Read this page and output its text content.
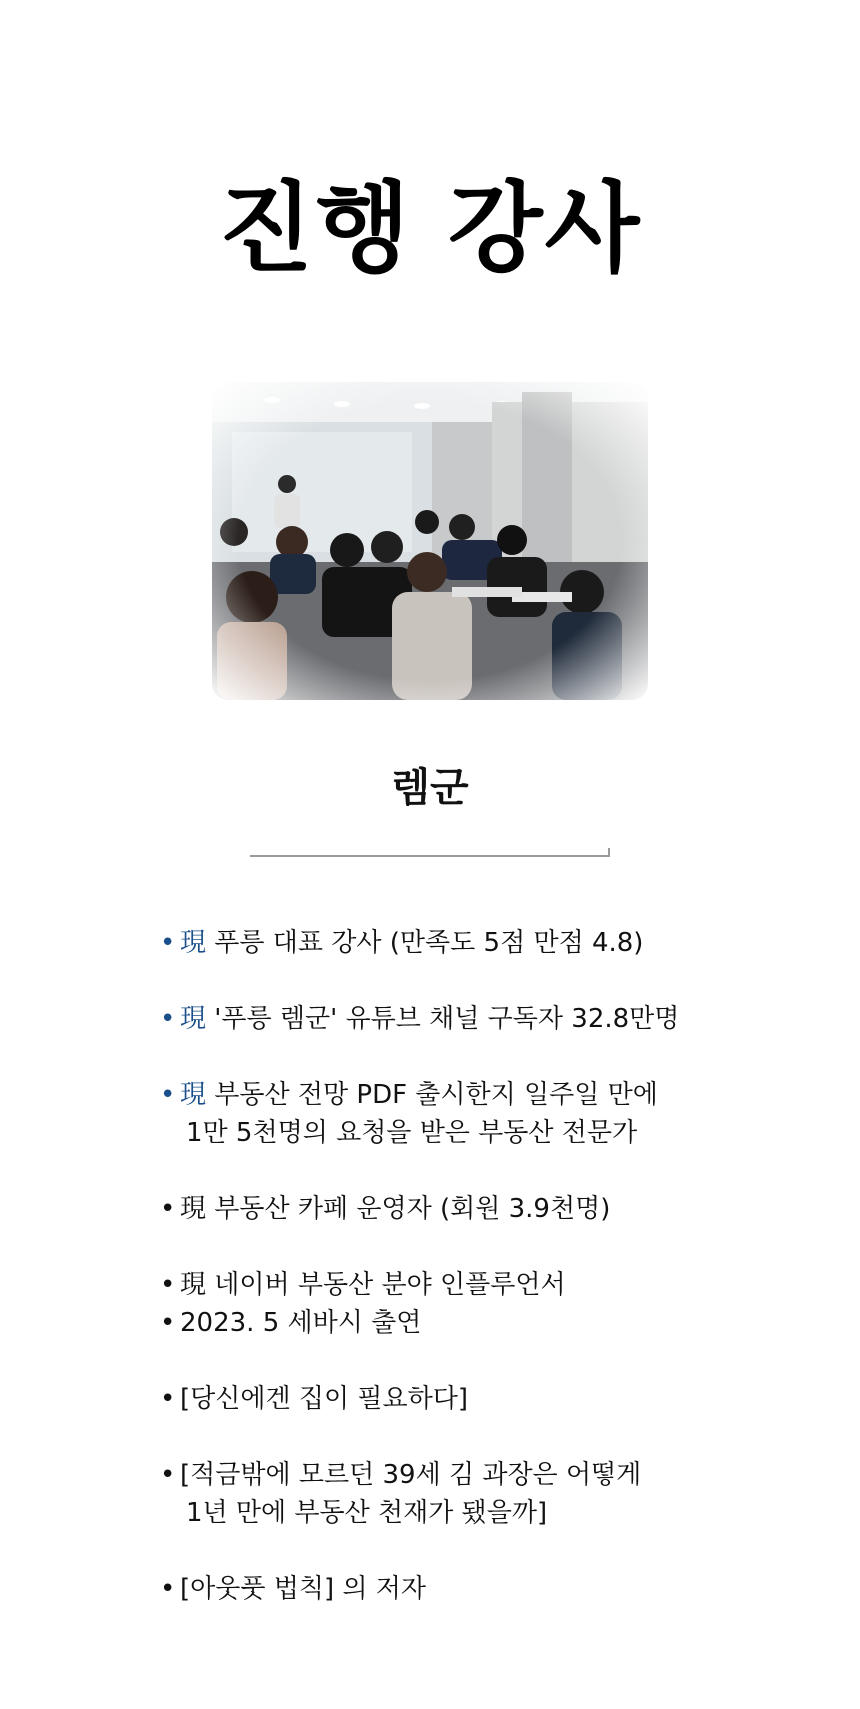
진행 강사
렘군
• 現 푸릉 대표 강사 (만족도 5점 만점 4.8)
• 現 '푸릉 렘군' 유튜브 채널 구독자 32.8만명
• 現 부동산 전망 PDF 출시한지 일주일 만에
1만 5천명의 요청을 받은 부동산 전문가
• 現 부동산 카페 운영자 (회원 3.9천명)
• 現 네이버 부동산 분야 인플루언서
• 2023. 5 세바시 출연
• [당신에겐 집이 필요하다]
• [적금밖에 모르던 39세 김 과장은 어떻게
1년 만에 부동산 천재가 됐을까]
• [아웃풋 법칙] 의 저자
